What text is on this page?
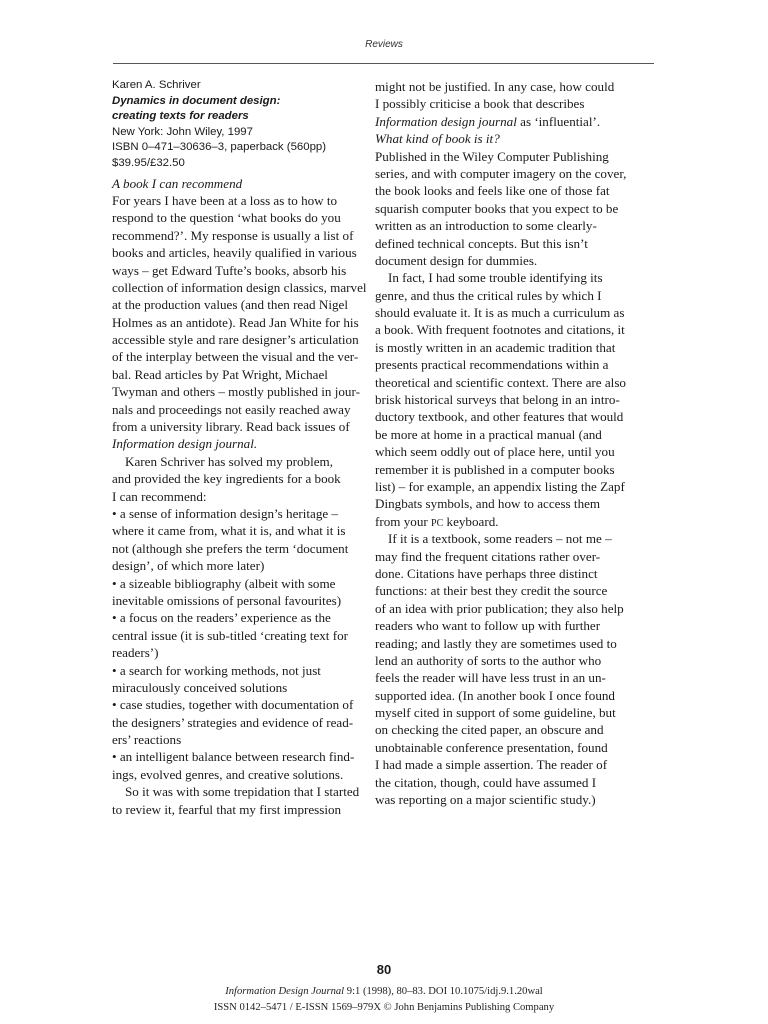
Reviews
Karen A. Schriver
Dynamics in document design:
creating texts for readers
New York: John Wiley, 1997
ISBN 0–471–30636–3, paperback (560pp)
$39.95/£32.50
A book I can recommend
For years I have been at a loss as to how to
respond to the question ‘what books do you
recommend?’. My response is usually a list of
books and articles, heavily qualified in various
ways – get Edward Tufte’s books, absorb his
collection of information design classics, marvel
at the production values (and then read Nigel
Holmes as an antidote). Read Jan White for his
accessible style and rare designer’s articulation
of the interplay between the visual and the ver-
bal. Read articles by Pat Wright, Michael
Twyman and others – mostly published in jour-
nals and proceedings not easily reached away
from a university library. Read back issues of
Information design journal.
Karen Schriver has solved my problem,
and provided the key ingredients for a book
I can recommend:
• a sense of information design’s heritage –
where it came from, what it is, and what it is
not (although she prefers the term ‘document
design’, of which more later)
• a sizeable bibliography (albeit with some
inevitable omissions of personal favourites)
• a focus on the readers’ experience as the
central issue (it is sub-titled ‘creating text for
readers’)
• a search for working methods, not just
miraculously conceived solutions
• case studies, together with documentation of
the designers’ strategies and evidence of read-
ers’ reactions
• an intelligent balance between research find-
ings, evolved genres, and creative solutions.
So it was with some trepidation that I started
to review it, fearful that my first impression
might not be justified. In any case, how could
I possibly criticise a book that describes
Information design journal as ‘influential’.
What kind of book is it?
Published in the Wiley Computer Publishing
series, and with computer imagery on the cover,
the book looks and feels like one of those fat
squarish computer books that you expect to be
written as an introduction to some clearly-
defined technical concepts. But this isn’t
document design for dummies.
In fact, I had some trouble identifying its
genre, and thus the critical rules by which I
should evaluate it. It is as much a curriculum as
a book. With frequent footnotes and citations, it
is mostly written in an academic tradition that
presents practical recommendations within a
theoretical and scientific context. There are also
brisk historical surveys that belong in an intro-
ductory textbook, and other features that would
be more at home in a practical manual (and
which seem oddly out of place here, until you
remember it is published in a computer books
list) – for example, an appendix listing the Zapf
Dingbats symbols, and how to access them
from your PC keyboard.
If it is a textbook, some readers – not me –
may find the frequent citations rather over-
done. Citations have perhaps three distinct
functions: at their best they credit the source
of an idea with prior publication; they also help
readers who want to follow up with further
reading; and lastly they are sometimes used to
lend an authority of sorts to the author who
feels the reader will have less trust in an un-
supported idea. (In another book I once found
myself cited in support of some guideline, but
on checking the cited paper, an obscure and
unobtainable conference presentation, found
I had made a simple assertion. The reader of
the citation, though, could have assumed I
was reporting on a major scientific study.)
80
Information Design Journal 9:1 (1998), 80–83. DOI 10.1075/idj.9.1.20wal
ISSN 0142–5471 / E-ISSN 1569–979X © John Benjamins Publishing Company
